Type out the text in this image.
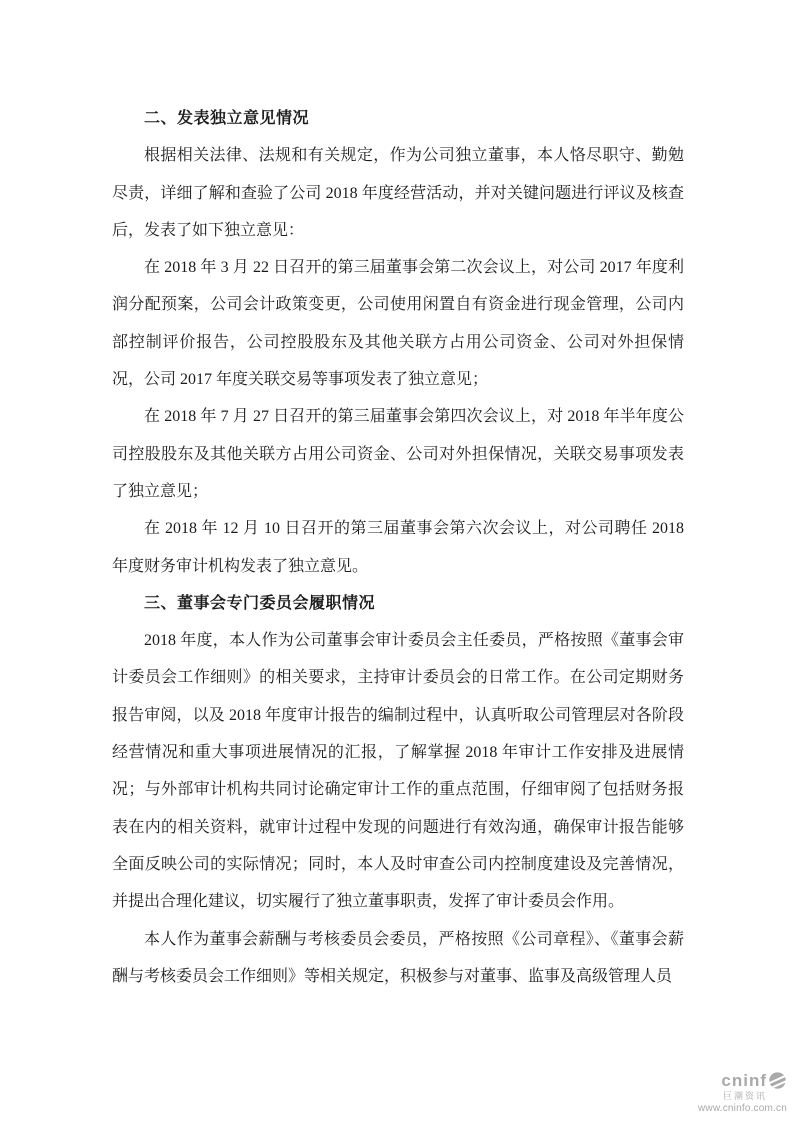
二、发表独立意见情况

根据相关法律、法规和有关规定，作为公司独立董事，本人恪尽职守、勤勉尽责，详细了解和查验了公司 2018 年度经营活动，并对关键问题进行评议及核查后，发表了如下独立意见：

在 2018 年 3 月 22 日召开的第三届董事会第二次会议上，对公司 2017 年度利润分配预案，公司会计政策变更，公司使用闲置自有资金进行现金管理，公司内部控制评价报告，公司控股股东及其他关联方占用公司资金、公司对外担保情况，公司 2017 年度关联交易等事项发表了独立意见；

在 2018 年 7 月 27 日召开的第三届董事会第四次会议上，对 2018 年半年度公司控股股东及其他关联方占用公司资金、公司对外担保情况，关联交易事项发表了独立意见；

在 2018 年 12 月 10 日召开的第三届董事会第六次会议上，对公司聘任 2018 年度财务审计机构发表了独立意见。

三、董事会专门委员会履职情况

2018 年度，本人作为公司董事会审计委员会主任委员，严格按照《董事会审计委员会工作细则》的相关要求，主持审计委员会的日常工作。在公司定期财务报告审阅，以及 2018 年度审计报告的编制过程中，认真听取公司管理层对各阶段经营情况和重大事项进展情况的汇报，了解掌握 2018 年审计工作安排及进展情况；与外部审计机构共同讨论确定审计工作的重点范围，仔细审阅了包括财务报表在内的相关资料，就审计过程中发现的问题进行有效沟通，确保审计报告能够全面反映公司的实际情况；同时，本人及时审查公司内控制度建设及完善情况，并提出合理化建议，切实履行了独立董事职责，发挥了审计委员会作用。

本人作为董事会薪酬与考核委员会委员，严格按照《公司章程》、《董事会薪酬与考核委员会工作细则》等相关规定，积极参与对董事、监事及高级管理人员

cninf
巨潮资讯
www.cninfo.com.cn
